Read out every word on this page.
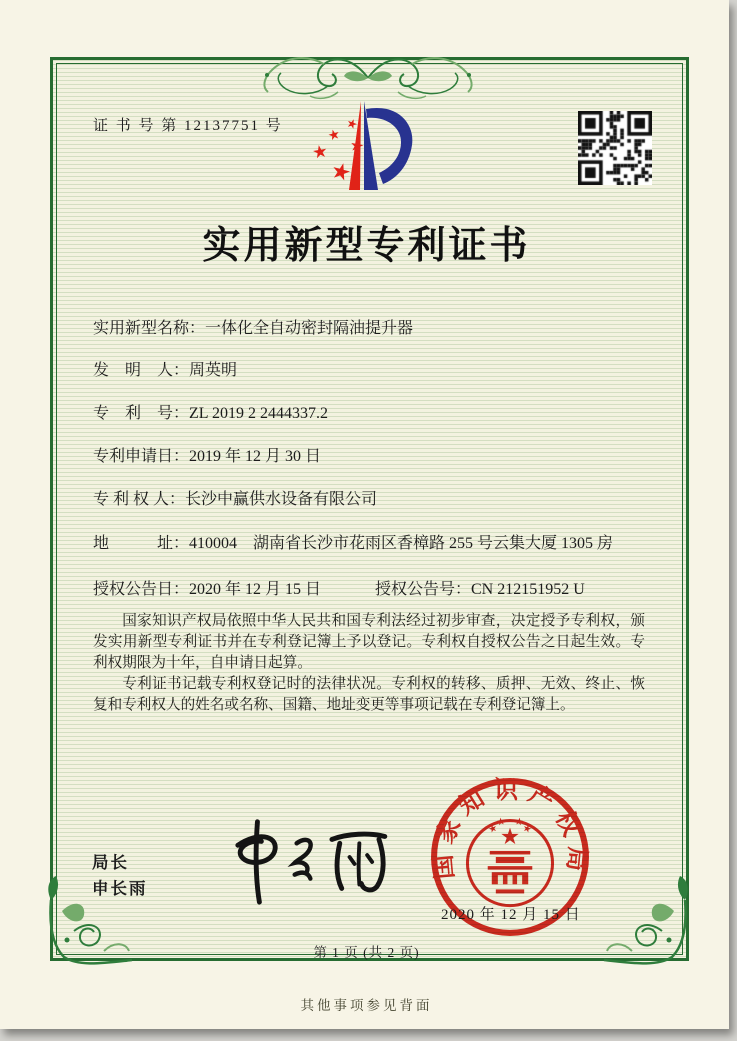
证 书 号 第 12137751 号
实用新型专利证书
实用新型名称：一体化全自动密封隔油提升器
发　明　人：周英明
专　利　号：ZL 2019 2 2444337.2
专利申请日：2019 年 12 月 30 日
专 利 权 人：长沙中赢供水设备有限公司
地　　　址：410004　湖南省长沙市花雨区香樟路 255 号云集大厦 1305 房
授权公告日：2020 年 12 月 15 日	授权公告号：CN 212151952 U

国家知识产权局依照中华人民共和国专利法经过初步审查，决定授予专利权，颁发实用新型专利证书并在专利登记簿上予以登记。专利权自授权公告之日起生效。专利权期限为十年，自申请日起算。

专利证书记载专利权登记时的法律状况。专利权的转移、质押、无效、终止、恢复和专利权人的姓名或名称、国籍、地址变更等事项记载在专利登记簿上。

局长
申长雨
国家知识产权局
2020 年 12 月 15 日
第 1 页 (共 2 页)
其他事项参见背面
